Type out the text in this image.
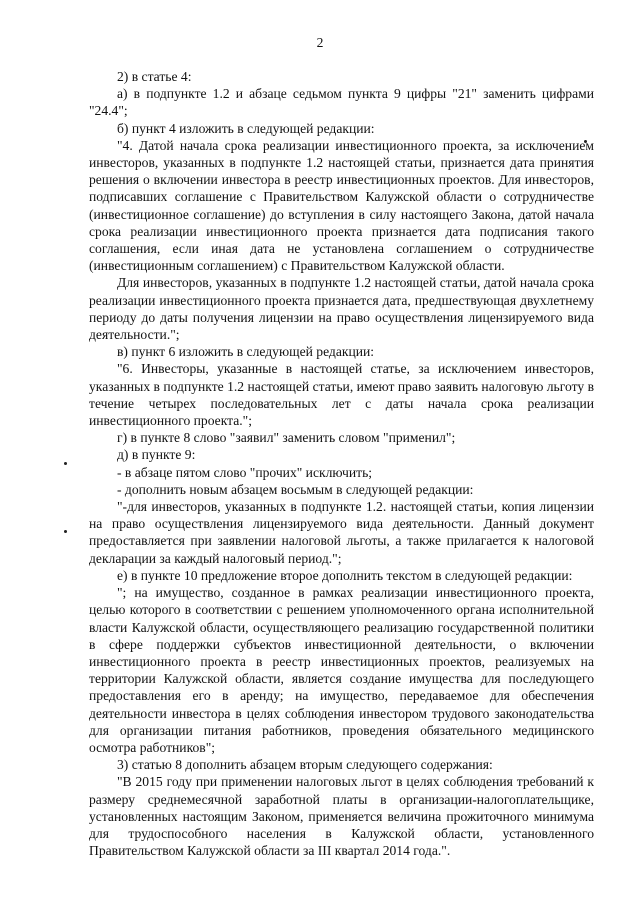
2

2) в статье 4:

а) в подпункте 1.2 и абзаце седьмом пункта 9 цифры "21" заменить цифрами "24.4";

б) пункт 4 изложить в следующей редакции:

"4. Датой начала срока реализации инвестиционного проекта, за исключением инвесторов, указанных в подпункте 1.2 настоящей статьи, признается дата принятия решения о включении инвестора в реестр инвестиционных проектов. Для инвесторов, подписавших соглашение с Правительством Калужской области о сотрудничестве (инвестиционное соглашение) до вступления в силу настоящего Закона, датой начала срока реализации инвестиционного проекта признается дата подписания такого соглашения, если иная дата не установлена соглашением о сотрудничестве (инвестиционным соглашением) с Правительством Калужской области.

Для инвесторов, указанных в подпункте 1.2 настоящей статьи, датой начала срока реализации инвестиционного проекта признается дата, предшествующая двухлетнему периоду до даты получения лицензии на право осуществления лицензируемого вида деятельности.";

в) пункт 6 изложить в следующей редакции:

"6. Инвесторы, указанные в настоящей статье, за исключением инвесторов, указанных в подпункте 1.2 настоящей статьи, имеют право заявить налоговую льготу в течение четырех последовательных лет с даты начала срока реализации инвестиционного проекта.";

г) в пункте 8 слово "заявил" заменить словом "применил";

д) в пункте 9:

- в абзаце пятом слово "прочих" исключить;

- дополнить новым абзацем восьмым в следующей редакции:

"-для инвесторов, указанных в подпункте 1.2. настоящей статьи, копия лицензии на право осуществления лицензируемого вида деятельности. Данный документ предоставляется при заявлении налоговой льготы, а также прилагается к налоговой декларации за каждый налоговый период.";

е) в пункте 10 предложение второе дополнить текстом в следующей редакции:

"; на имущество, созданное в рамках реализации инвестиционного проекта, целью которого в соответствии с решением уполномоченного органа исполнительной власти Калужской области, осуществляющего реализацию государственной политики в сфере поддержки субъектов инвестиционной деятельности, о включении инвестиционного проекта в реестр инвестиционных проектов, реализуемых на территории Калужской области, является создание имущества для последующего предоставления его в аренду; на имущество, передаваемое для обеспечения деятельности инвестора в целях соблюдения инвестором трудового законодательства для организации питания работников, проведения обязательного медицинского осмотра работников";

3) статью 8 дополнить абзацем вторым следующего содержания:

"В 2015 году при применении налоговых льгот в целях соблюдения требований к размеру среднемесячной заработной платы в организации-налогоплательщике, установленных настоящим Законом, применяется величина прожиточного минимума для трудоспособного населения в Калужской области, установленного Правительством Калужской области за III квартал 2014 года.".
